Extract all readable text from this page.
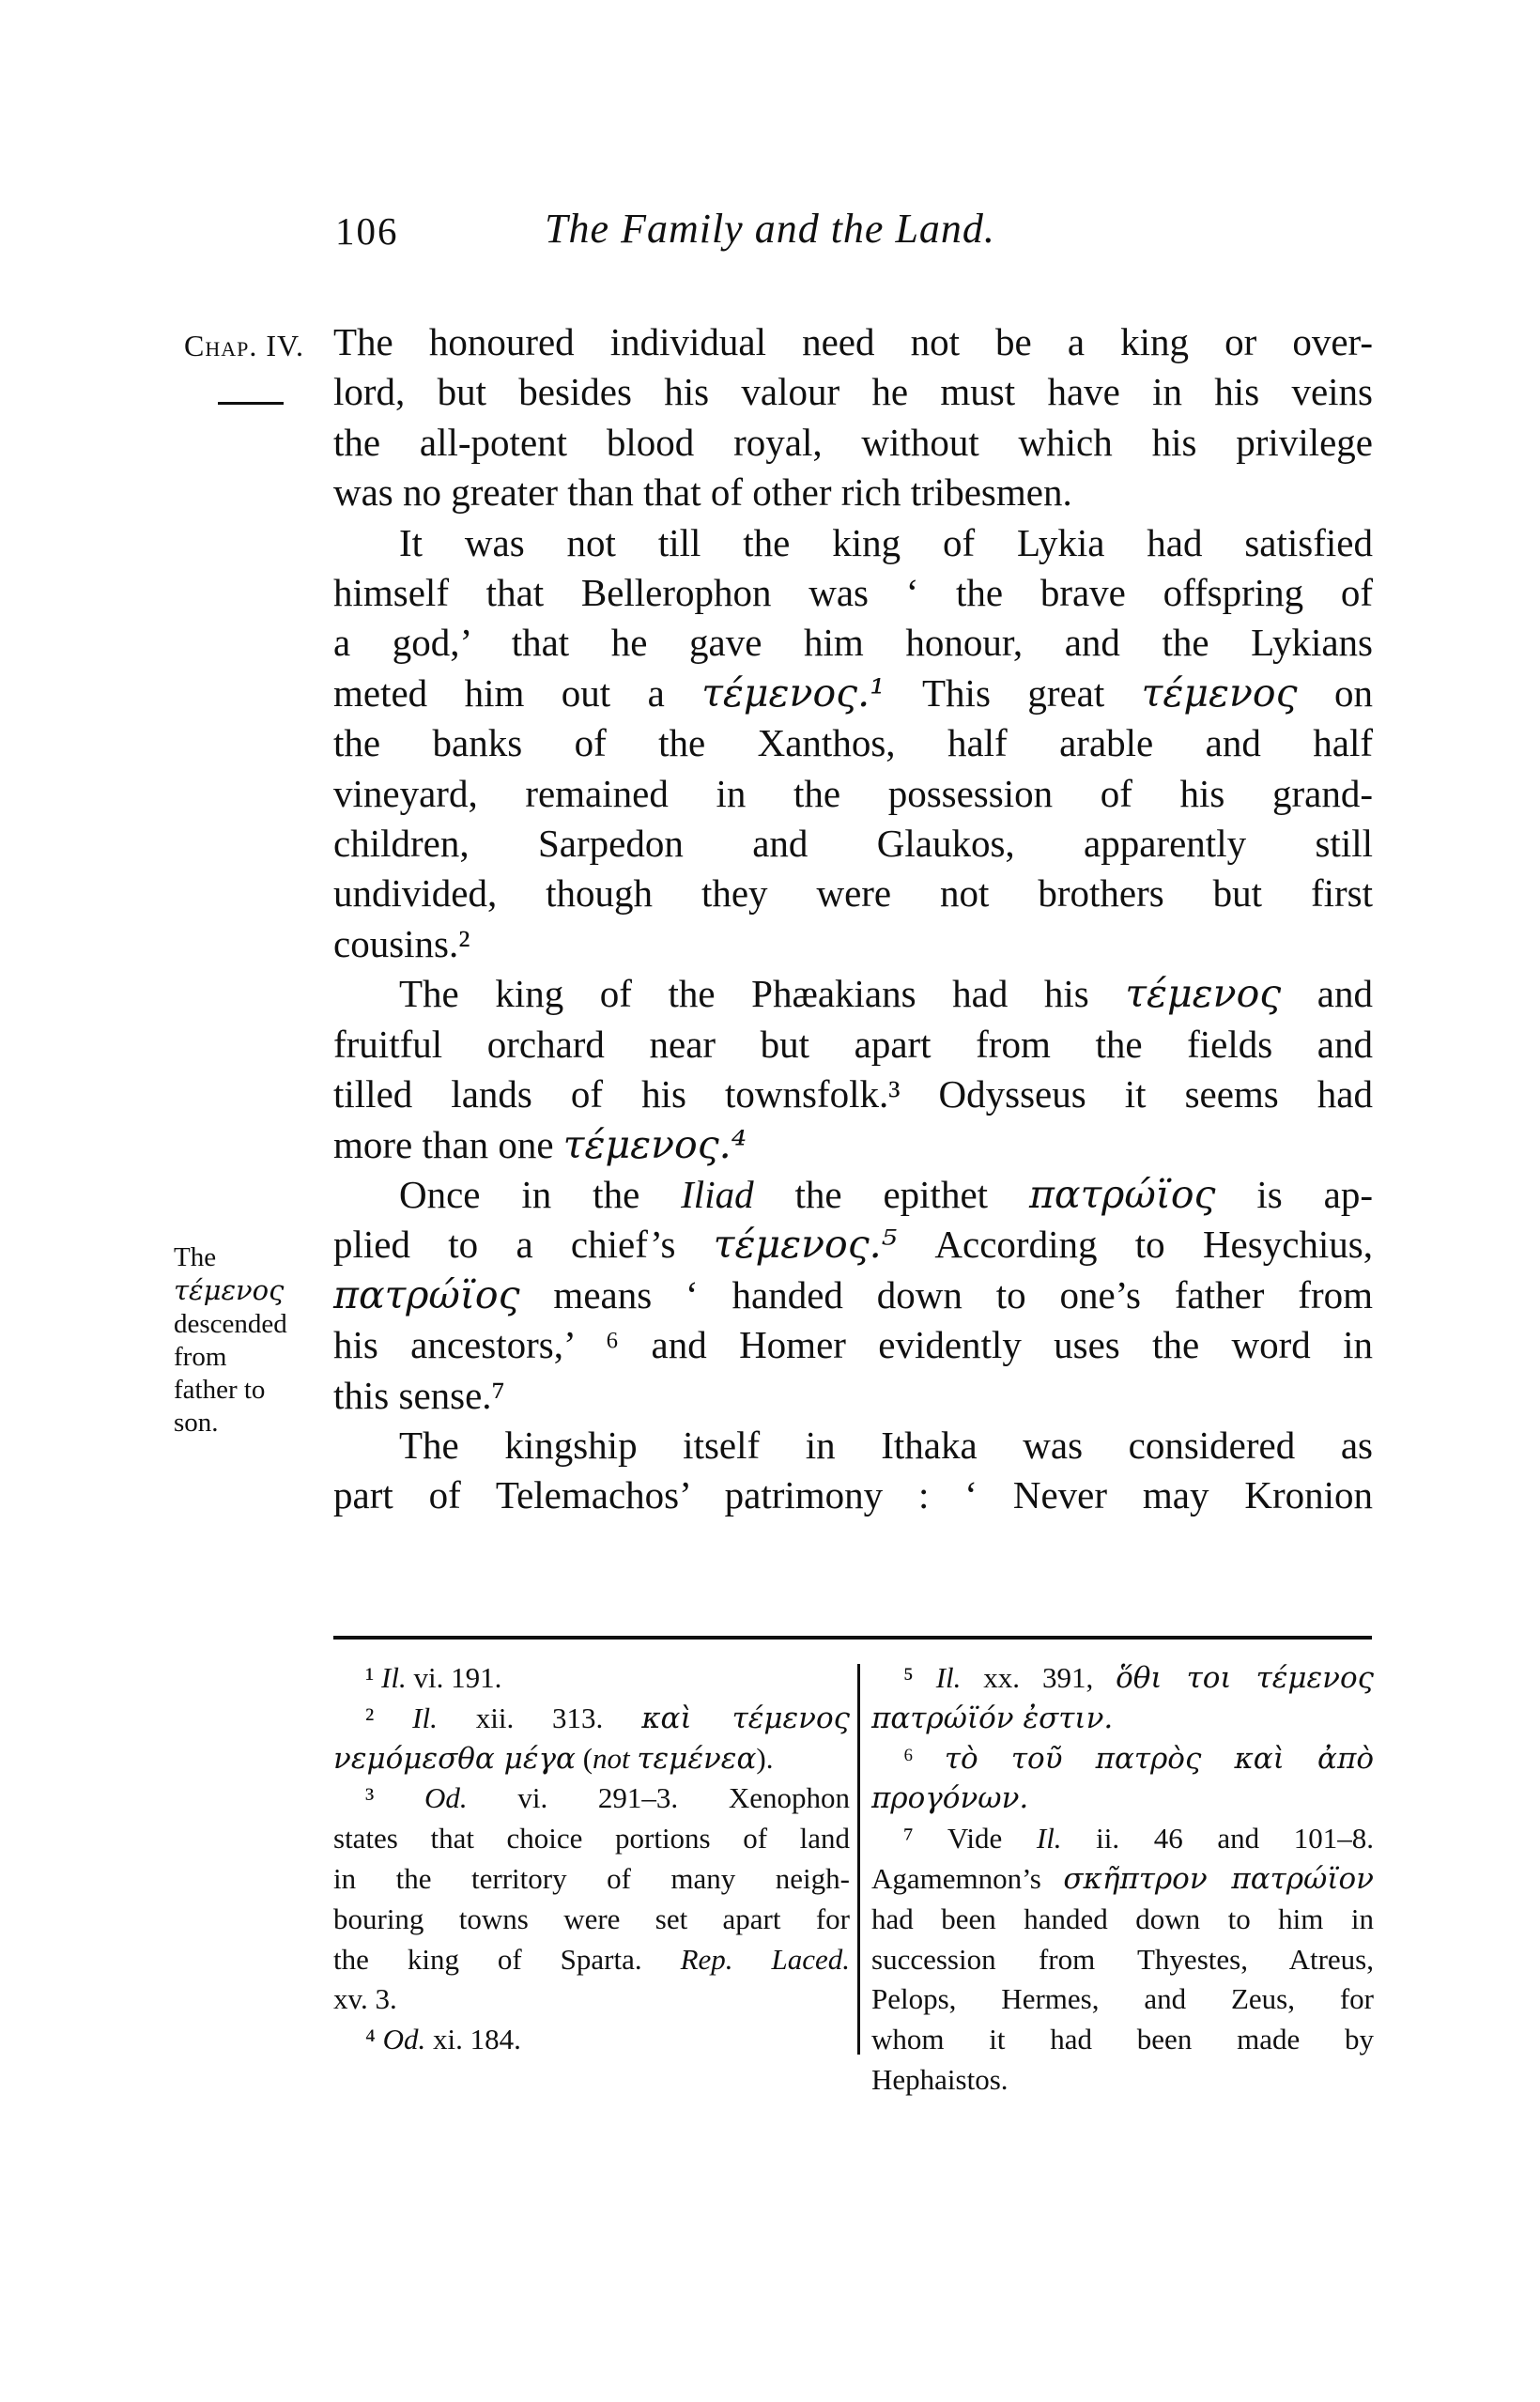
106	The Family and the Land.
Chap. IV.
The
τέμενος
descended
from
father to
son.
The honoured individual need not be a king or over-
lord, but besides his valour he must have in his veins
the all-potent blood royal, without which his privilege
was no greater than that of other rich tribesmen.
It was not till the king of Lykia had satisfied
himself that Bellerophon was ‘ the brave offspring of
a god,’ that he gave him honour, and the Lykians
meted him out a τέμενος.¹ This great τέμενος on
the banks of the Xanthos, half arable and half
vineyard, remained in the possession of his grand-
children, Sarpedon and Glaukos, apparently still
undivided, though they were not brothers but first
cousins.²
The king of the Phæakians had his τέμενος and
fruitful orchard near but apart from the fields and
tilled lands of his townsfolk.³ Odysseus it seems had
more than one τέμενος.⁴
Once in the Iliad the epithet πατρώϊος is ap-
plied to a chief’s τέμενος.⁵ According to Hesychius,
πατρώϊος means ‘ handed down to one’s father from
his ancestors,’ ⁶ and Homer evidently uses the word in
this sense.⁷
The kingship itself in Ithaka was considered as
part of Telemachos’ patrimony : ‘ Never may Kronion
¹ Il. vi. 191.
² Il. xii. 313. καὶ τέμενος
νεμόμεσθα μέγα (not τεμένεα).
³ Od. vi. 291–3. Xenophon
states that choice portions of land
in the territory of many neigh-
bouring towns were set apart for
the king of Sparta. Rep. Laced.
xv. 3.
⁴ Od. xi. 184.
⁵ Il. xx. 391, ὅθι τοι τέμενος
πατρώϊόν ἐστιν.
⁶ τὸ τοῦ πατρὸς καὶ ἀπὸ προγόνων.
⁷ Vide Il. ii. 46 and 101–8.
Agamemnon’s σκῆπτρον πατρώϊον
had been handed down to him in
succession from Thyestes, Atreus,
Pelops, Hermes, and Zeus, for
whom it had been made by
Hephaistos.
